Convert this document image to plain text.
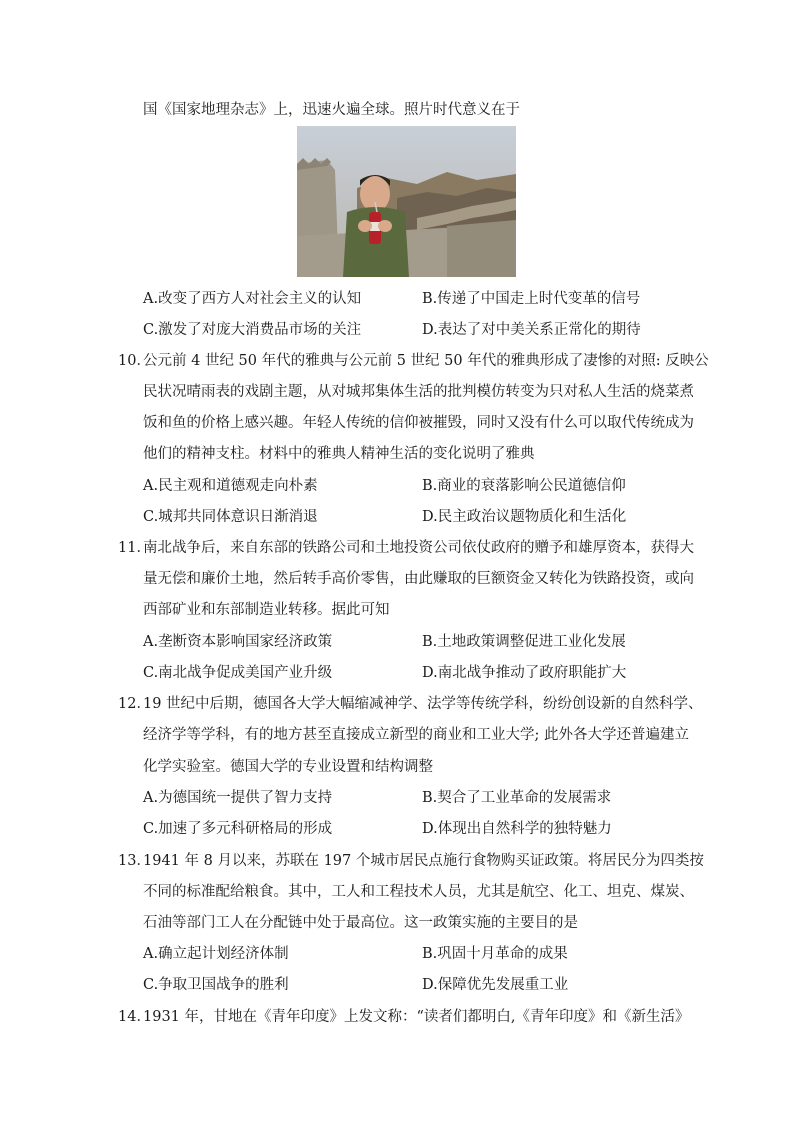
国《国家地理杂志》上，迅速火遍全球。照片时代意义在于
A.改变了西方人对社会主义的认知	B.传递了中国走上时代变革的信号
C.激发了对庞大消费品市场的关注	D.表达了对中美关系正常化的期待
10．
公元前 4 世纪 50 年代的雅典与公元前 5 世纪 50 年代的雅典形成了凄惨的对照: 反映公
民状况晴雨表的戏剧主题，从对城邦集体生活的批判模仿转变为只对私人生活的烧菜煮
饭和鱼的价格上感兴趣。年轻人传统的信仰被摧毁，同时又没有什么可以取代传统成为
他们的精神支柱。材料中的雅典人精神生活的变化说明了雅典
A.民主观和道德观走向朴素	B.商业的衰落影响公民道德信仰
C.城邦共同体意识日渐消退	D.民主政治议题物质化和生活化
11．
南北战争后，来自东部的铁路公司和土地投资公司依仗政府的赠予和雄厚资本，获得大
量无偿和廉价土地，然后转手高价零售，由此赚取的巨额资金又转化为铁路投资，或向
西部矿业和东部制造业转移。据此可知
A.垄断资本影响国家经济政策	B.土地政策调整促进工业化发展
C.南北战争促成美国产业升级	D.南北战争推动了政府职能扩大
12．
19 世纪中后期，德国各大学大幅缩减神学、法学等传统学科，纷纷创设新的自然科学、
经济学等学科，有的地方甚至直接成立新型的商业和工业大学; 此外各大学还普遍建立
化学实验室。德国大学的专业设置和结构调整
A.为德国统一提供了智力支持	B.契合了工业革命的发展需求
C.加速了多元科研格局的形成	D.体现出自然科学的独特魅力
13．
1941 年 8 月以来，苏联在 197 个城市居民点施行食物购买证政策。将居民分为四类按
不同的标准配给粮食。其中，工人和工程技术人员，尤其是航空、化工、坦克、煤炭、
石油等部门工人在分配链中处于最高位。这一政策实施的主要目的是
A.确立起计划经济体制	B.巩固十月革命的成果
C.争取卫国战争的胜利	D.保障优先发展重工业
14．
1931 年，甘地在《青年印度》上发文称：“读者们都明白,《青年印度》和《新生活》
